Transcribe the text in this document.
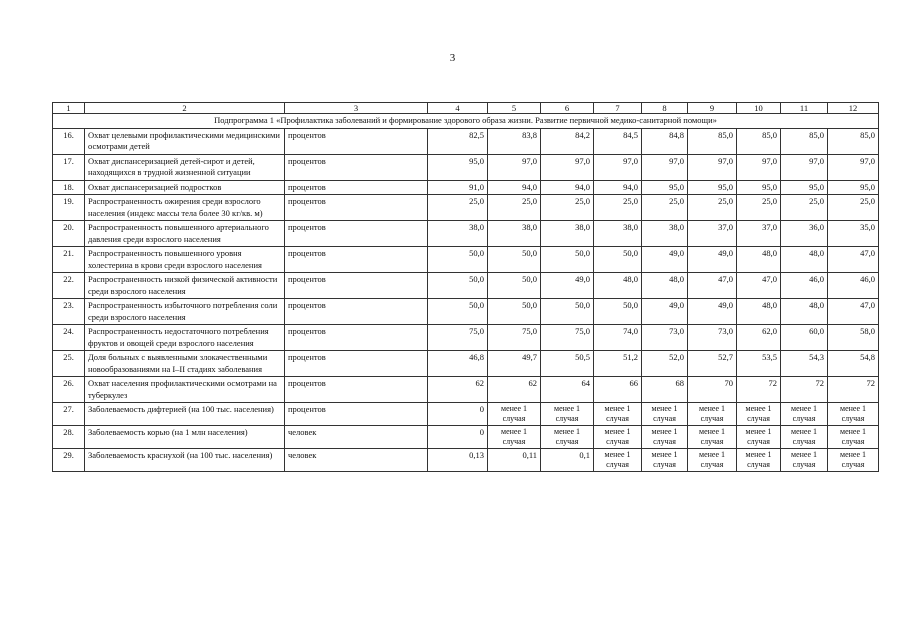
3
1	2	3	4	5	6	7	8	9	10	11	12
Подпрограмма 1 «Профилактика заболеваний и формирование здорового образа жизни. Развитие первичной медико-санитарной помощи»											
16.	Охват целевыми профилактическими медицинскими осмотрами детей	процентов	82,5	83,8	84,2	84,5	84,8	85,0	85,0	85,0	85,0
17.	Охват диспансеризацией детей-сирот и детей, находящихся в трудной жизненной ситуации	процентов	95,0	97,0	97,0	97,0	97,0	97,0	97,0	97,0	97,0
18.	Охват диспансеризацией подростков	процентов	91,0	94,0	94,0	94,0	95,0	95,0	95,0	95,0	95,0
19.	Распространенность ожирения среди взрослого населения (индекс массы тела более 30 кг/кв. м)	процентов	25,0	25,0	25,0	25,0	25,0	25,0	25,0	25,0	25,0
20.	Распространенность повышенного артериального давления среди взрослого населения	процентов	38,0	38,0	38,0	38,0	38,0	37,0	37,0	36,0	35,0
21.	Распространенность повышенного уровня холестерина в крови среди взрослого населения	процентов	50,0	50,0	50,0	50,0	49,0	49,0	48,0	48,0	47,0
22.	Распространенность низкой физической активности среди взрослого населения	процентов	50,0	50,0	49,0	48,0	48,0	47,0	47,0	46,0	46,0
23.	Распространенность избыточного потребления соли среди взрослого населения	процентов	50,0	50,0	50,0	50,0	49,0	49,0	48,0	48,0	47,0
24.	Распространенность недостаточного потребления фруктов и овощей среди взрослого населения	процентов	75,0	75,0	75,0	74,0	73,0	73,0	62,0	60,0	58,0
25.	Доля больных с выявленными злокачественными новообразованиями на I–II стадиях заболевания	процентов	46,8	49,7	50,5	51,2	52,0	52,7	53,5	54,3	54,8
26.	Охват населения профилактическими осмотрами на туберкулез	процентов	62	62	64	66	68	70	72	72	72
27.	Заболеваемость дифтерией (на 100 тыс. населения)	процентов	0	менее 1 случая	менее 1 случая	менее 1 случая	менее 1 случая	менее 1 случая	менее 1 случая	менее 1 случая	менее 1 случая
28.	Заболеваемость корью (на 1 млн населения)	человек	0	менее 1 случая	менее 1 случая	менее 1 случая	менее 1 случая	менее 1 случая	менее 1 случая	менее 1 случая	менее 1 случая
29.	Заболеваемость краснухой (на 100 тыс. населения)	человек	0,13	0,11	0,1	менее 1 случая	менее 1 случая	менее 1 случая	менее 1 случая	менее 1 случая	менее 1 случая
